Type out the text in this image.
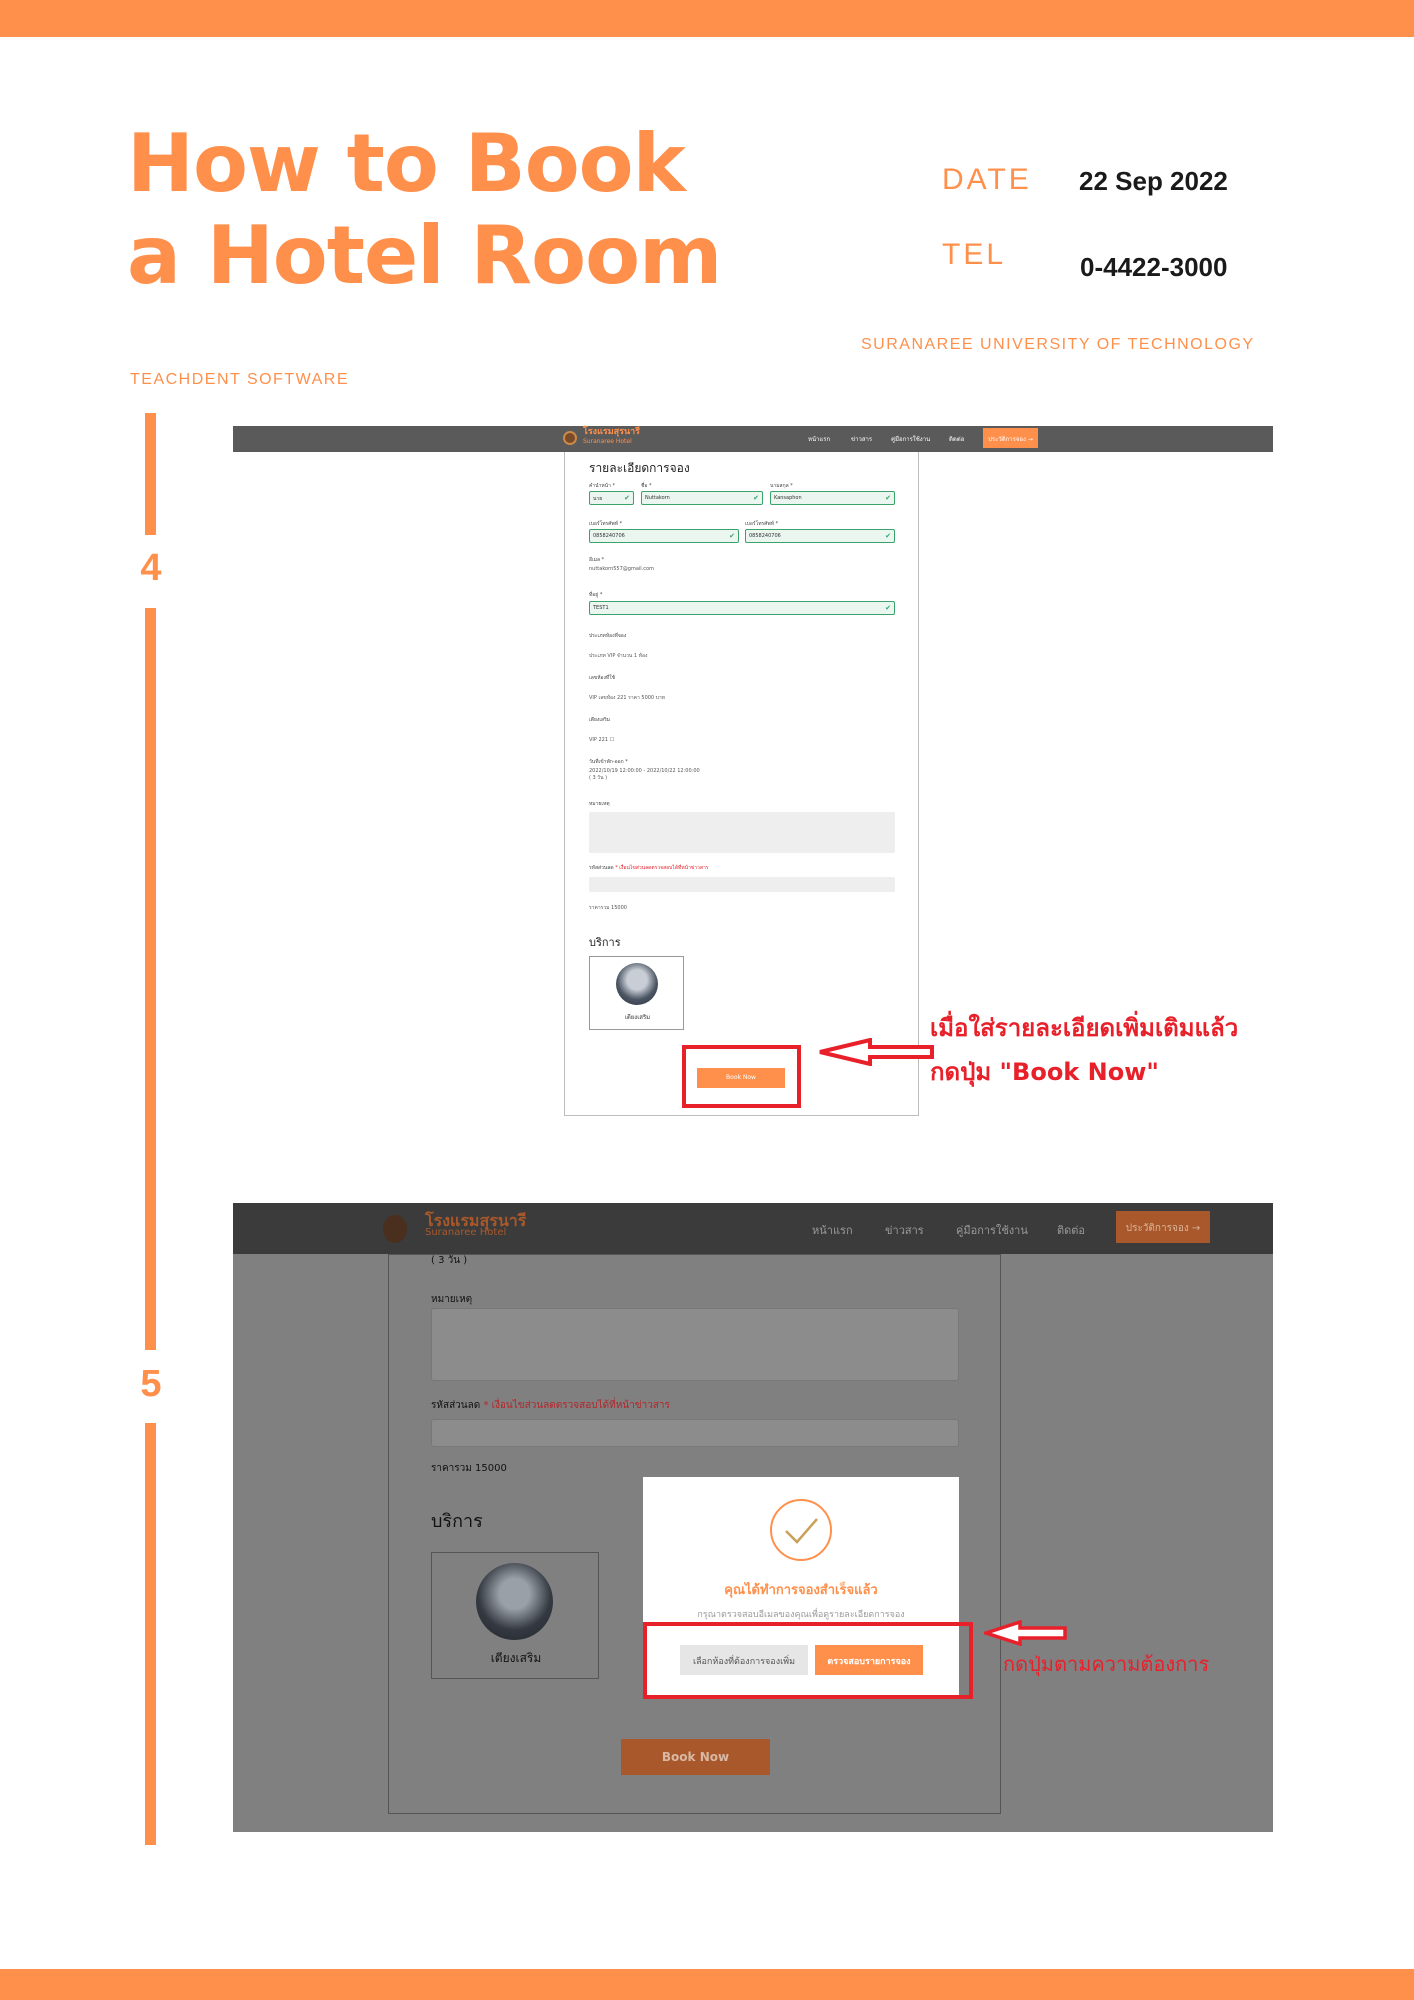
How to Book
a Hotel Room
DATE 22 Sep 2022
TEL	0-4422-3000
SURANAREE UNIVERSITY OF TECHNOLOGY
TEACHDENT SOFTWARE
4
5
โรงแรมสุรนารี
Suranaree Hotel	หน้าแรก	ข่าวสาร	คู่มือการใช้งาน	ติดต่อ	ประวัติการจอง →
รายละเอียดการจอง
คำนำหน้า *	ชื่อ *	นามสกุล *
นาย	✔	Nuttakorn	✔	Kansaphon	✔
เบอร์โทรศัพท์ *	เบอร์โทรศัพท์ *
0858240706	✔	0858240706	✔
อีเมล *
nuttakorn557@gmail.com
ที่อยู่ *
TEST1	✔
ประเภทห้องที่จอง
ประเภท VIP จำนวน 1 ห้อง
เลขห้องที่ใช้
VIP เลขห้อง 221 ราคา 5000 บาท
เตียงเสริม
VIP 221 ☐
วันที่เข้าพัก-ออก *
2022/10/19 12:00:00 - 2022/10/22 12:00:00
( 3 วัน )
หมายเหตุ
รหัสส่วนลด * เงื่อนไขส่วนลดตรวจสอบได้ที่หน้าข่าวสาร
ราคารวม 15000
บริการ
เตียงเสริม
Book Now
เมื่อใส่รายละเอียดเพิ่มเติมแล้ว
กดปุ่ม "Book Now"
โรงแรมสุรนารี
Suranaree Hotel	หน้าแรก	ข่าวสาร	คู่มือการใช้งาน	ติดต่อ	ประวัติการจอง →
( 3 วัน )
หมายเหตุ
รหัสส่วนลด * เงื่อนไขส่วนลดตรวจสอบได้ที่หน้าข่าวสาร
ราคารวม 15000
บริการ
เตียงเสริม
Book Now
คุณได้ทำการจองสำเร็จแล้ว
กรุณาตรวจสอบอีเมลของคุณเพื่อดูรายละเอียดการจอง
เลือกห้องที่ต้องการจองเพิ่ม	ตรวจสอบรายการจอง	กดปุ่มตามความต้องการ
